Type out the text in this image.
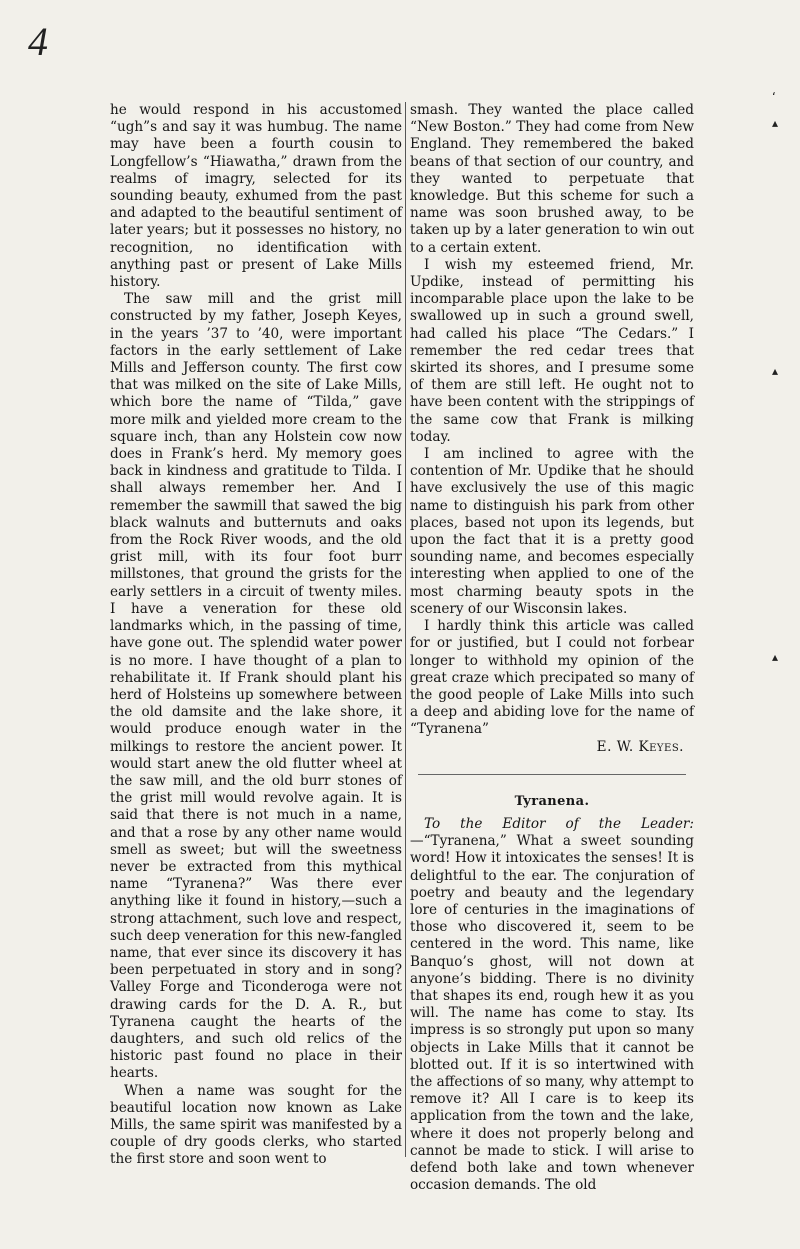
4

he would respond in his accustomed “ugh”s and say it was humbug. The name may have been a fourth cousin to Longfellow’s “Hiawatha,” drawn from the realms of imagry, selected for its sounding beauty, exhumed from the past and adapted to the beautiful sentiment of later years; but it possesses no history, no recognition, no identification with anything past or present of Lake Mills history.

The saw mill and the grist mill constructed by my father, Joseph Keyes, in the years ’37 to ’40, were important factors in the early settlement of Lake Mills and Jefferson county. The first cow that was milked on the site of Lake Mills, which bore the name of “Tilda,” gave more milk and yielded more cream to the square inch, than any Holstein cow now does in Frank’s herd. My memory goes back in kindness and gratitude to Tilda. I shall always remember her. And I remember the sawmill that sawed the big black walnuts and butternuts and oaks from the Rock River woods, and the old grist mill, with its four foot burr millstones, that ground the grists for the early settlers in a circuit of twenty miles. I have a veneration for these old landmarks which, in the passing of time, have gone out. The splendid water power is no more. I have thought of a plan to rehabilitate it. If Frank should plant his herd of Holsteins up somewhere between the old damsite and the lake shore, it would produce enough water in the milkings to restore the ancient power. It would start anew the old flutter wheel at the saw mill, and the old burr stones of the grist mill would revolve again. It is said that there is not much in a name, and that a rose by any other name would smell as sweet; but will the sweetness never be extracted from this mythical name “Tyranena?” Was there ever anything like it found in history,—such a strong attachment, such love and respect, such deep veneration for this new-fangled name, that ever since its discovery it has been perpetuated in story and in song? Valley Forge and Ticonderoga were not drawing cards for the D. A. R., but Tyranena caught the hearts of the daughters, and such old relics of the historic past found no place in their hearts.

When a name was sought for the beautiful location now known as Lake Mills, the same spirit was manifested by a couple of dry goods clerks, who started the first store and soon went to

smash. They wanted the place called “New Boston.” They had come from New England. They remembered the baked beans of that section of our country, and they wanted to perpetuate that knowledge. But this scheme for such a name was soon brushed away, to be taken up by a later generation to win out to a certain extent.

I wish my esteemed friend, Mr. Updike, instead of permitting his incomparable place upon the lake to be swallowed up in such a ground swell, had called his place “The Cedars.” I remember the red cedar trees that skirted its shores, and I presume some of them are still left. He ought not to have been content with the strippings of the same cow that Frank is milking today.

I am inclined to agree with the contention of Mr. Updike that he should have exclusively the use of this magic name to distinguish his park from other places, based not upon its legends, but upon the fact that it is a pretty good sounding name, and becomes especially interesting when applied to one of the most charming beauty spots in the scenery of our Wisconsin lakes.

I hardly think this article was called for or justified, but I could not forbear longer to withhold my opinion of the great craze which precipated so many of the good people of Lake Mills into such a deep and abiding love for the name of “Tyranena”

E. W. Keyes.

Tyranena.

To the Editor of the Leader:—“Tyranena,” What a sweet sounding word! How it intoxicates the senses! It is delightful to the ear. The conjuration of poetry and beauty and the legendary lore of centuries in the imaginations of those who discovered it, seem to be centered in the word. This name, like Banquo’s ghost, will not down at anyone’s bidding. There is no divinity that shapes its end, rough hew it as you will. The name has come to stay. Its impress is so strongly put upon so many objects in Lake Mills that it cannot be blotted out. If it is so intertwined with the affections of so many, why attempt to remove it? All I care is to keep its application from the town and the lake, where it does not properly belong and cannot be made to stick. I will arise to defend both lake and town whenever occasion demands. The old

‘
▴
▴
▴
